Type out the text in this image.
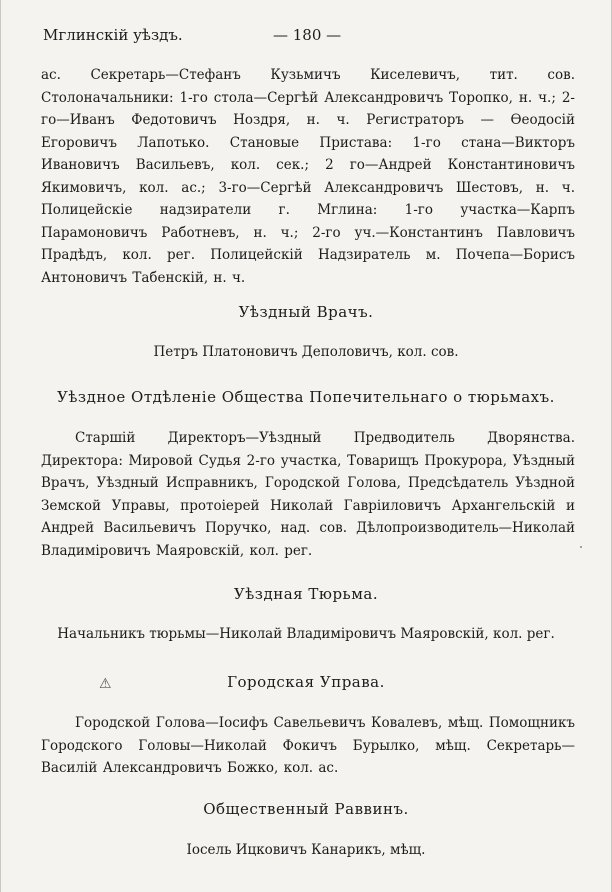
Мглинскій уѣздъ.	— 180 —
ас. Секретарь—Стефанъ Кузьмичъ Киселевичъ, тит. сов. Столоначальники: 1-го стола—Сергѣй Александровичъ Торопко, н. ч.; 2-го—Иванъ Федотовичъ Ноздря, н. ч. Регистраторъ — Ѳеодосій Егоровичъ Лапотько. Становые Пристава: 1-го стана—Викторъ Ивановичъ Васильевъ, кол. сек.; 2 го—Андрей Константиновичъ Якимовичъ, кол. ас.; 3-го—Сергѣй Александровичъ Шестовъ, н. ч. Полицейскіе надзиратели г. Мглина: 1-го участка—Карпъ Парамоновичъ Работневъ, н. ч.; 2-го уч.—Константинъ Павловичъ Прадѣдъ, кол. рег. Полицейскій Надзиратель м. Почепа—Борисъ Антоновичъ Табенскій, н. ч.
Уѣздный Врачъ.
Петръ Платоновичъ Деполовичъ, кол. сов.
Уѣздное Отдѣленіе Общества Попечительнаго о тюрьмахъ.
Старшій Директоръ—Уѣздный Предводитель Дворянства. Директора: Мировой Судья 2-го участка, Товарищъ Прокурора, Уѣздный Врачъ, Уѣздный Исправникъ, Городской Голова, Предсѣдатель Уѣздной Земской Управы, протоіерей Николай Гавріиловичъ Архангельскій и Андрей Васильевичъ Поручко, над. сов. Дѣлопроизводитель—Николай Владиміровичъ Маяровскій, кол. рег.
Уѣздная Тюрьма.
Начальникъ тюрьмы—Николай Владиміровичъ Маяровскій, кол. рег.
⚠	Городская Управа.
Городской Голова—Іосифъ Савельевичъ Ковалевъ, мѣщ. Помощникъ Городского Головы—Николай Фокичъ Бурылко, мѣщ. Секретарь—Василій Александровичъ Божко, кол. ас.
Общественный Раввинъ.
Іосель Ицковичъ Канарикъ, мѣщ.
